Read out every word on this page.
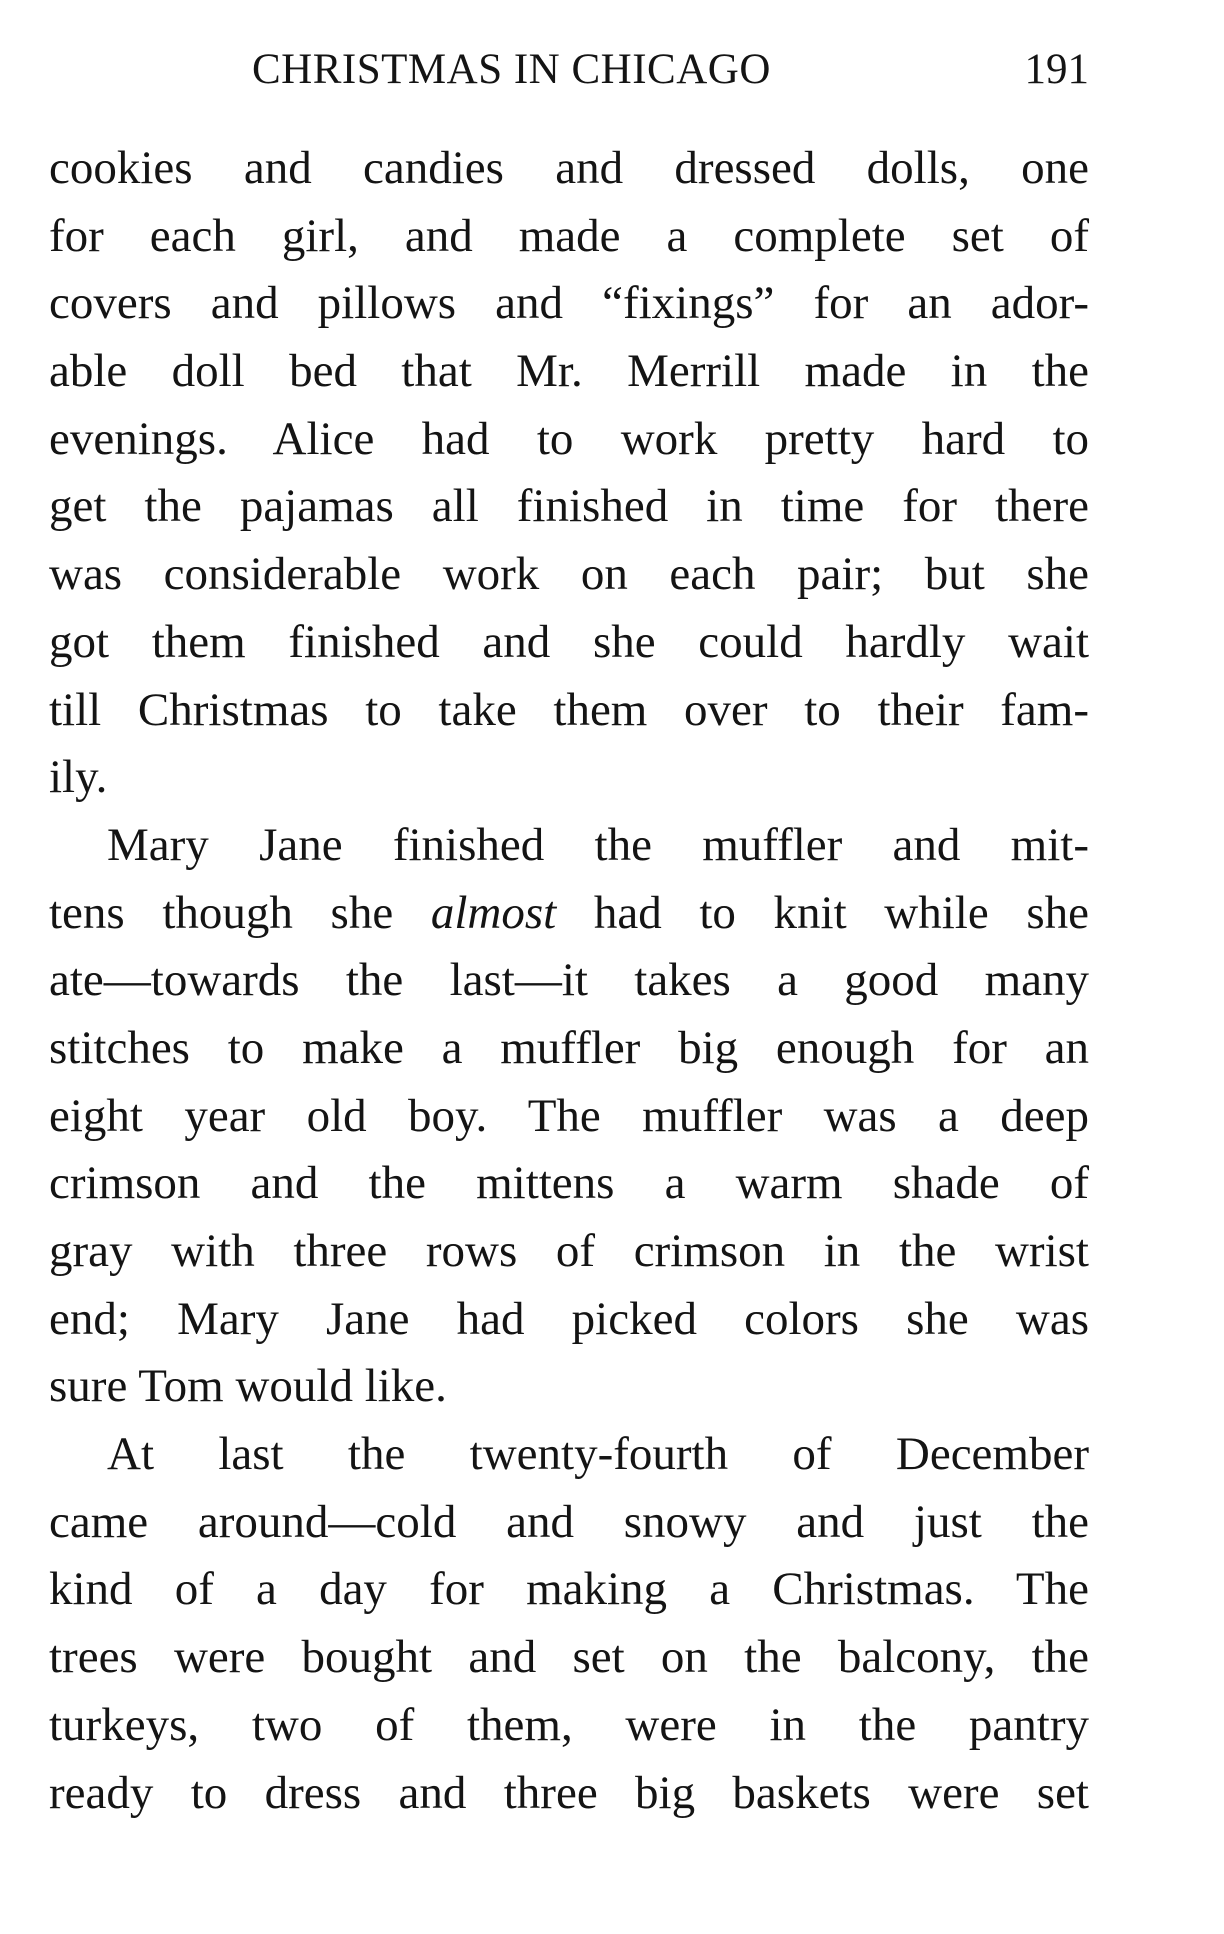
CHRISTMAS IN CHICAGO	191
cookies and candies and dressed dolls, one
for each girl, and made a complete set of
covers and pillows and “fixings” for an ador-
able doll bed that Mr. Merrill made in the
evenings. Alice had to work pretty hard to
get the pajamas all finished in time for there
was considerable work on each pair; but she
got them finished and she could hardly wait
till Christmas to take them over to their fam-
ily.
Mary Jane finished the muffler and mit-
tens though she almost had to knit while she
ate—towards the last—it takes a good many
stitches to make a muffler big enough for an
eight year old boy. The muffler was a deep
crimson and the mittens a warm shade of
gray with three rows of crimson in the wrist
end; Mary Jane had picked colors she was
sure Tom would like.
At last the twenty-fourth of December
came around—cold and snowy and just the
kind of a day for making a Christmas. The
trees were bought and set on the balcony, the
turkeys, two of them, were in the pantry
ready to dress and three big baskets were set
